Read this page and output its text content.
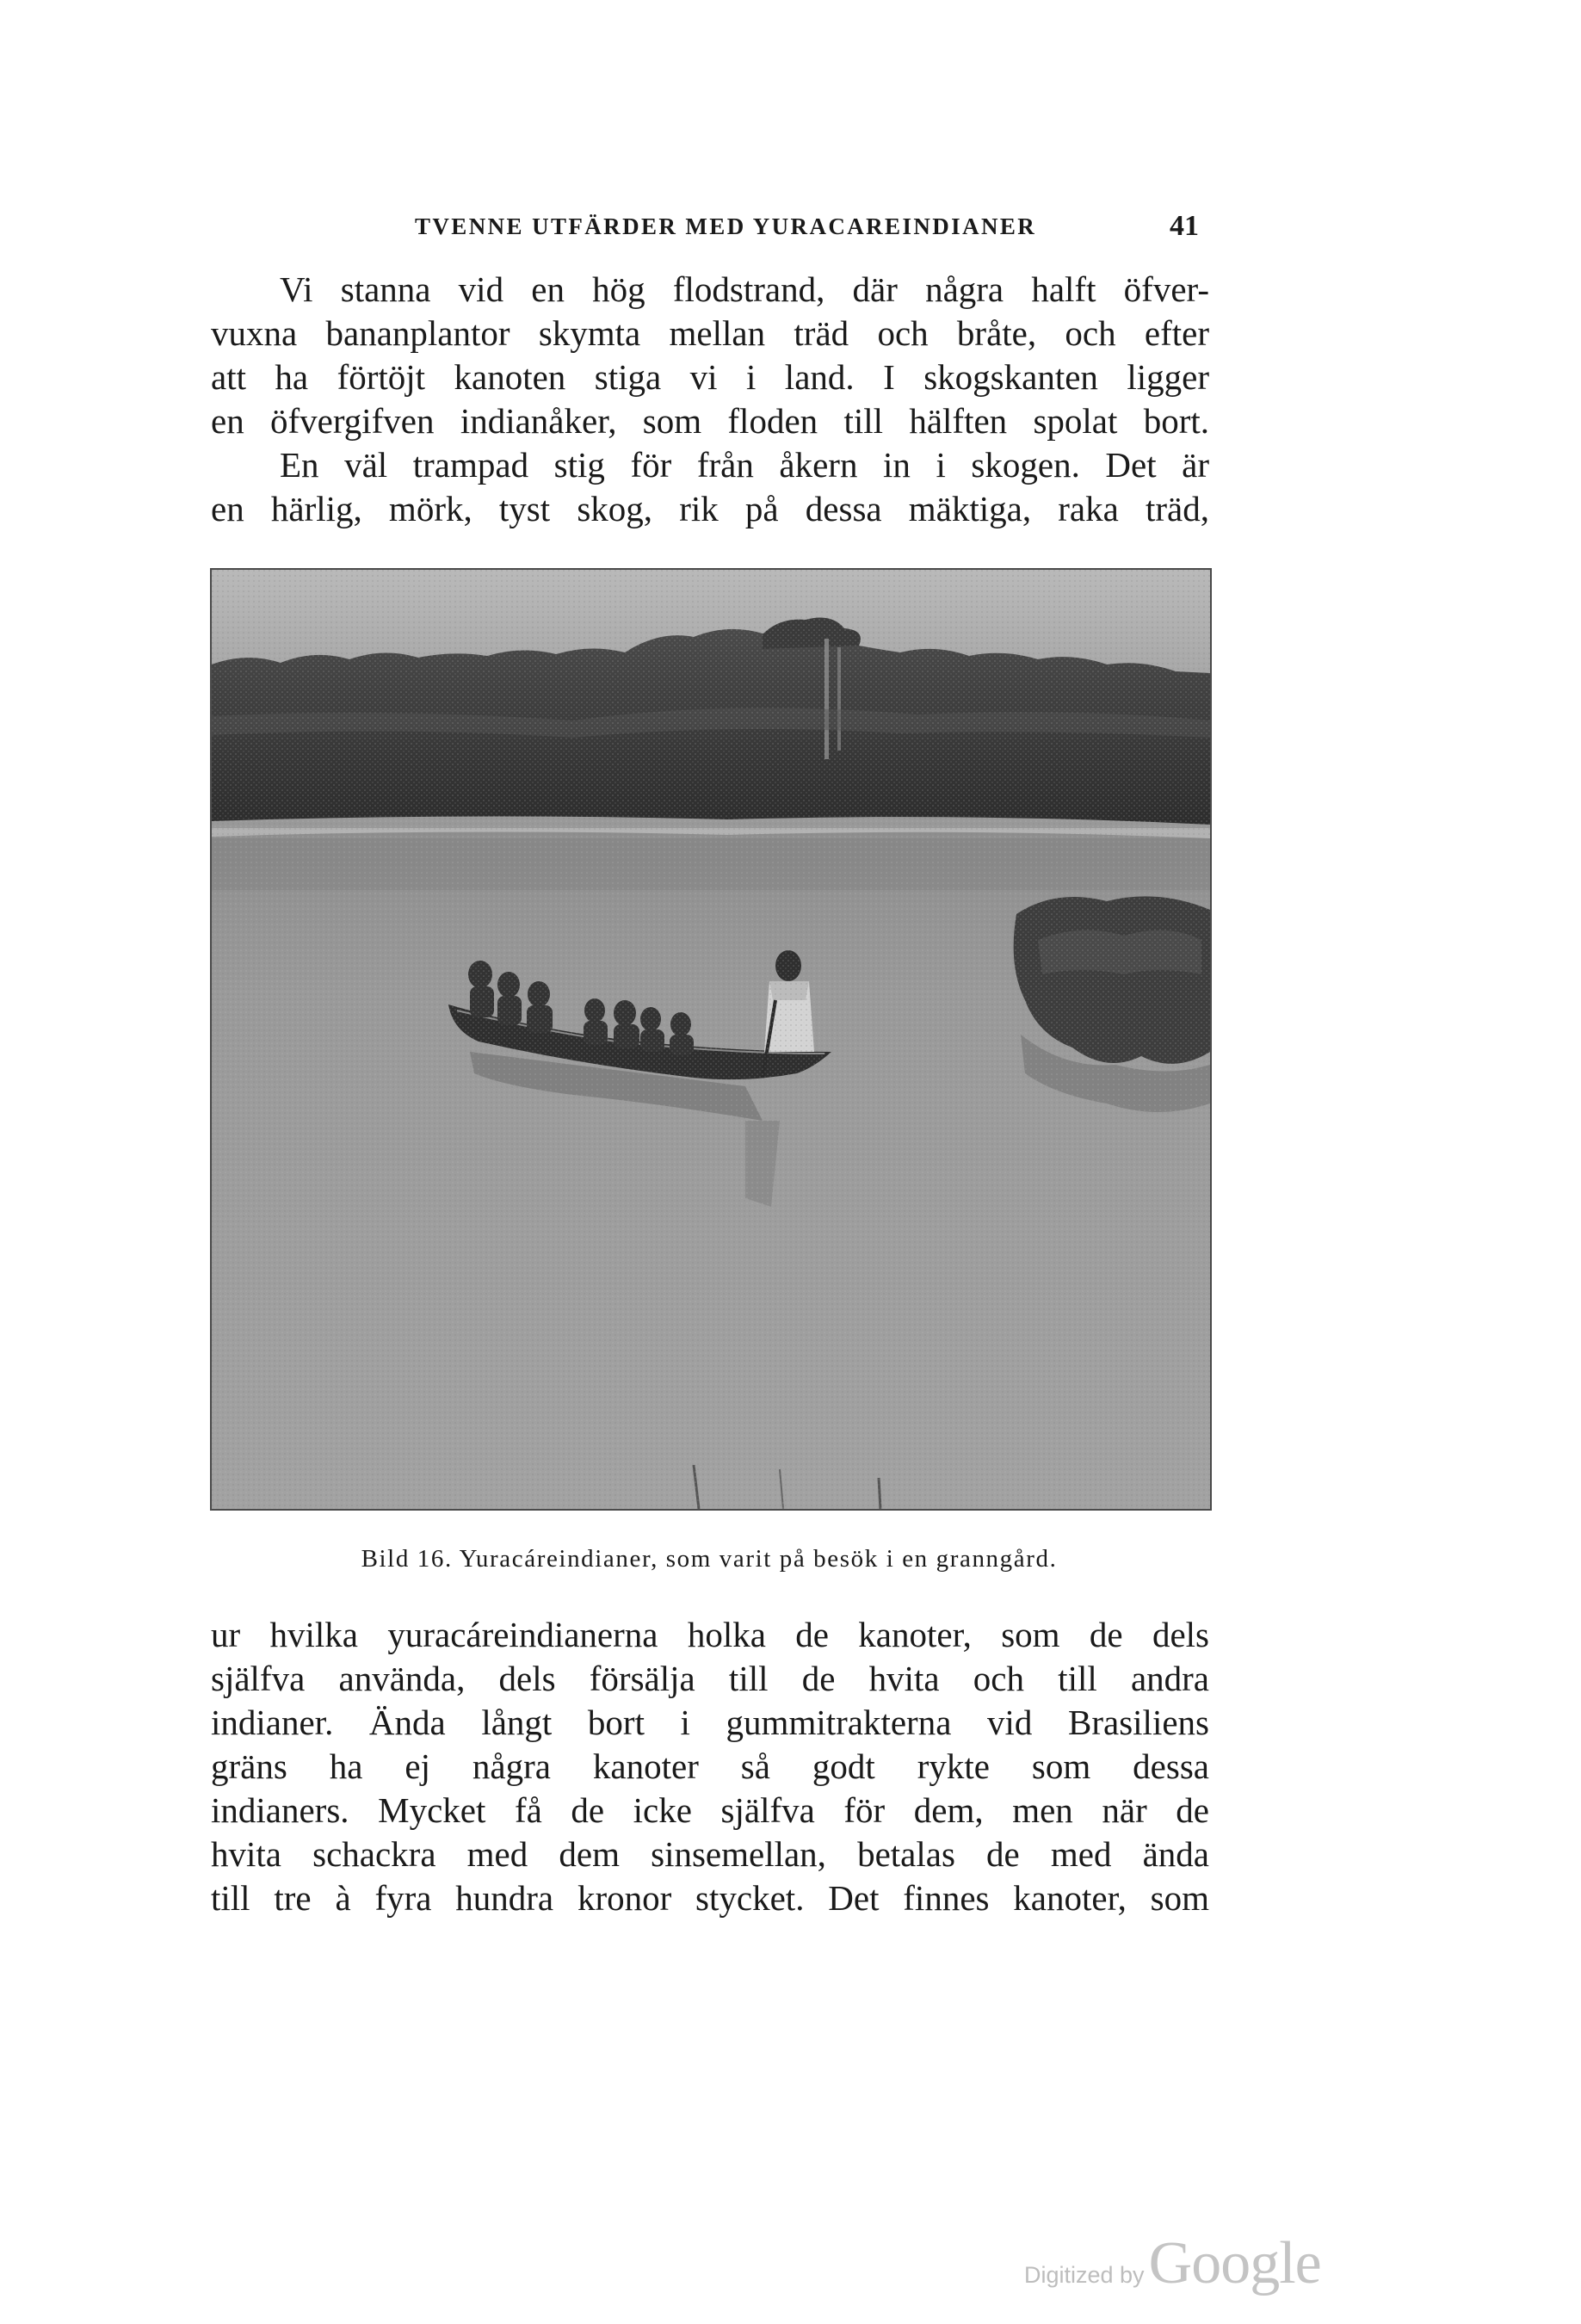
TVENNE UTFÄRDER MED YURACAREINDIANER	41
Vi stanna vid en hög flodstrand, där några halft öfver-
vuxna bananplantor skymta mellan träd och bråte, och efter
att ha förtöjt kanoten stiga vi i land. I skogskanten ligger
en öfvergifven indianåker, som floden till hälften spolat bort.
En väl trampad stig för från åkern in i skogen. Det är
en härlig, mörk, tyst skog, rik på dessa mäktiga, raka träd,
Bild 16. Yuracáreindianer, som varit på besök i en granngård.
ur hvilka yuracáreindianerna holka de kanoter, som de dels
själfva använda, dels försälja till de hvita och till andra
indianer. Ända långt bort i gummitrakterna vid Brasiliens
gräns ha ej några kanoter så godt rykte som dessa
indianers. Mycket få de icke själfva för dem, men när de
hvita schackra med dem sinsemellan, betalas de med ända
till tre à fyra hundra kronor stycket. Det finnes kanoter, som
Digitized by Google
